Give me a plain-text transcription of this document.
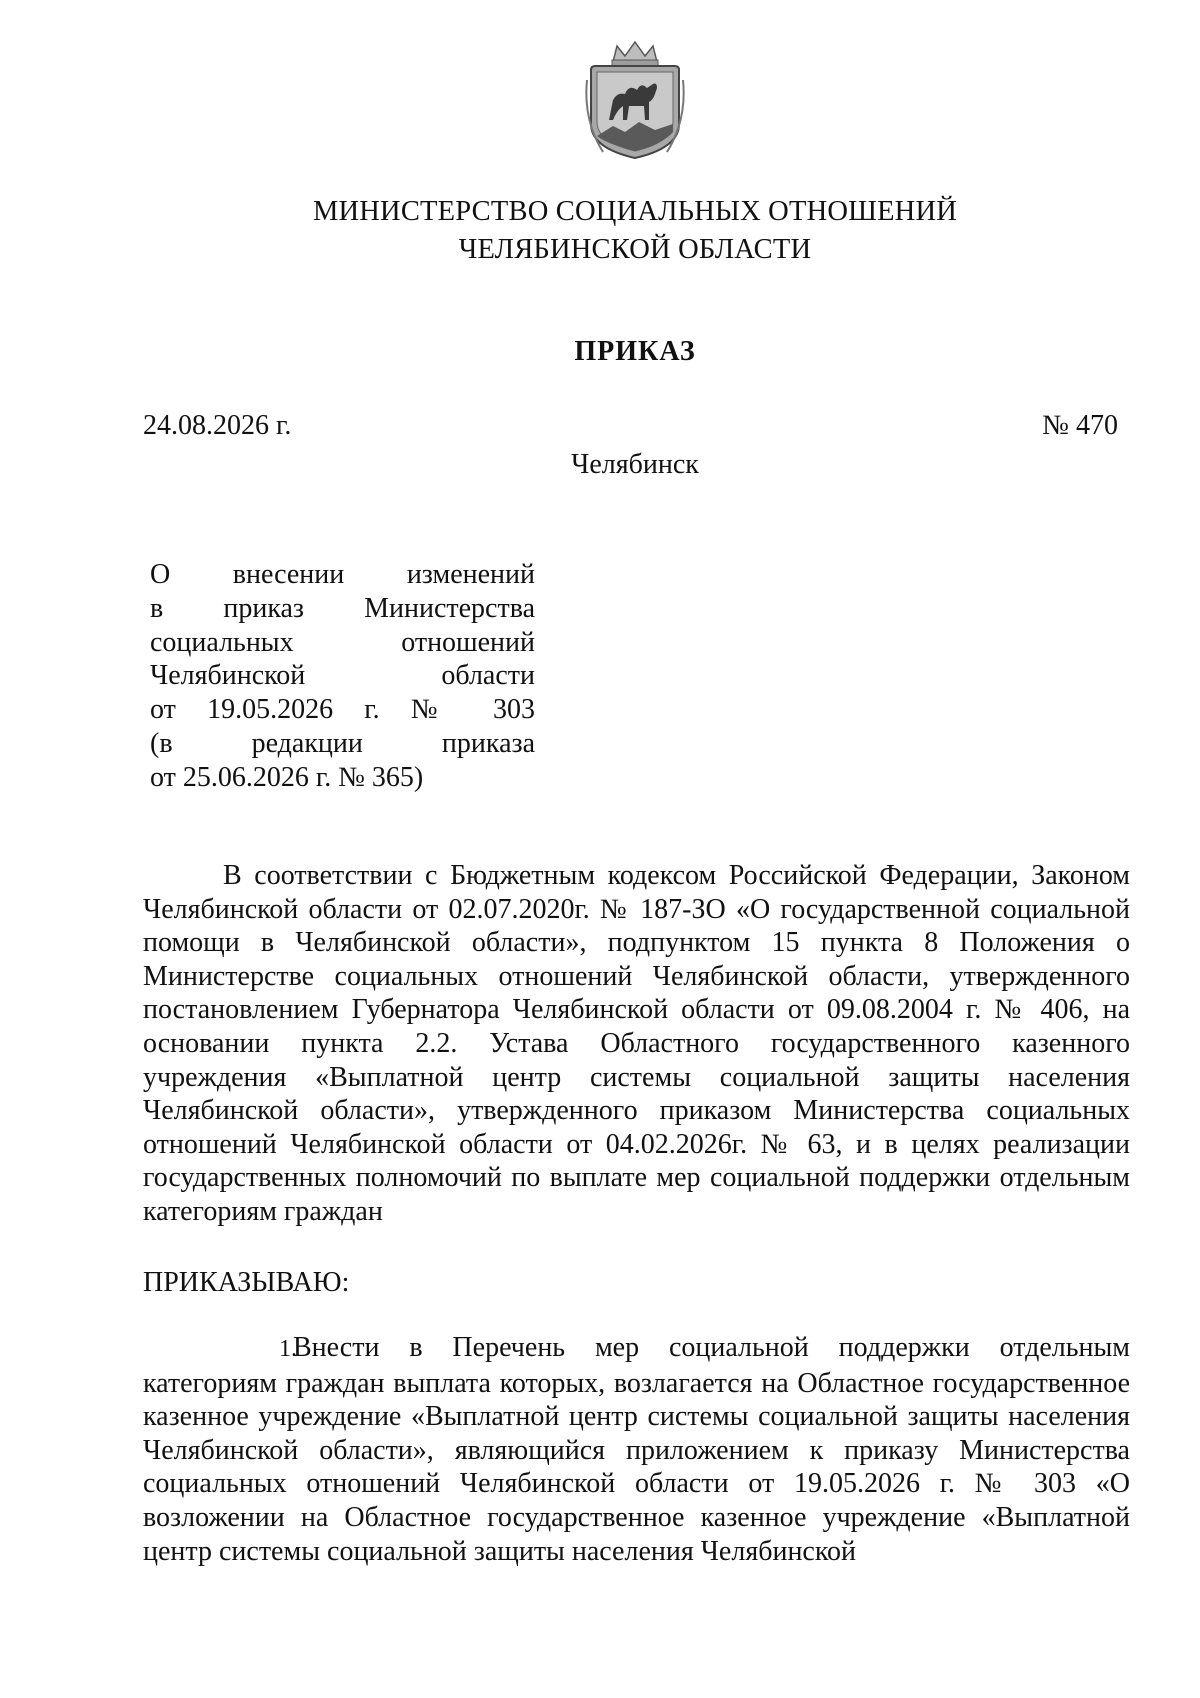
МИНИСТЕРСТВО СОЦИАЛЬНЫХ ОТНОШЕНИЙ
ЧЕЛЯБИНСКОЙ ОБЛАСТИ
ПРИКАЗ
24.08.2026 г.	№ 470
Челябинск
О внесении изменений
в приказ Министерства
социальных отношений
Челябинской области
от 19.05.2026 г. № 303
(в редакции приказа
от 25.06.2026 г. № 365)
В соответствии с Бюджетным кодексом Российской Федерации, Законом Челябинской области от 02.07.2020г. № 187-ЗО «О государственной социальной помощи в Челябинской области», подпунктом 15 пункта 8 Положения о Министерстве социальных отношений Челябинской области, утвержденного постановлением Губернатора Челябинской области от 09.08.2004 г. № 406, на основании пункта 2.2. Устава Областного государственного казенного учреждения «Выплатной центр системы социальной защиты населения Челябинской области», утвержденного приказом Министерства социальных отношений Челябинской области от 04.02.2026г. № 63, и в целях реализации государственных полномочий по выплате мер социальной поддержки отдельным категориям граждан
ПРИКАЗЫВАЮ:
1.Внести в Перечень мер социальной поддержки отдельным категориям граждан выплата которых, возлагается на Областное государственное казенное учреждение «Выплатной центр системы социальной защиты населения Челябинской области», являющийся приложением к приказу Министерства социальных отношений Челябинской области от 19.05.2026 г. № 303 «О возложении на Областное государственное казенное учреждение «Выплатной центр системы социальной защиты населения Челябинской
